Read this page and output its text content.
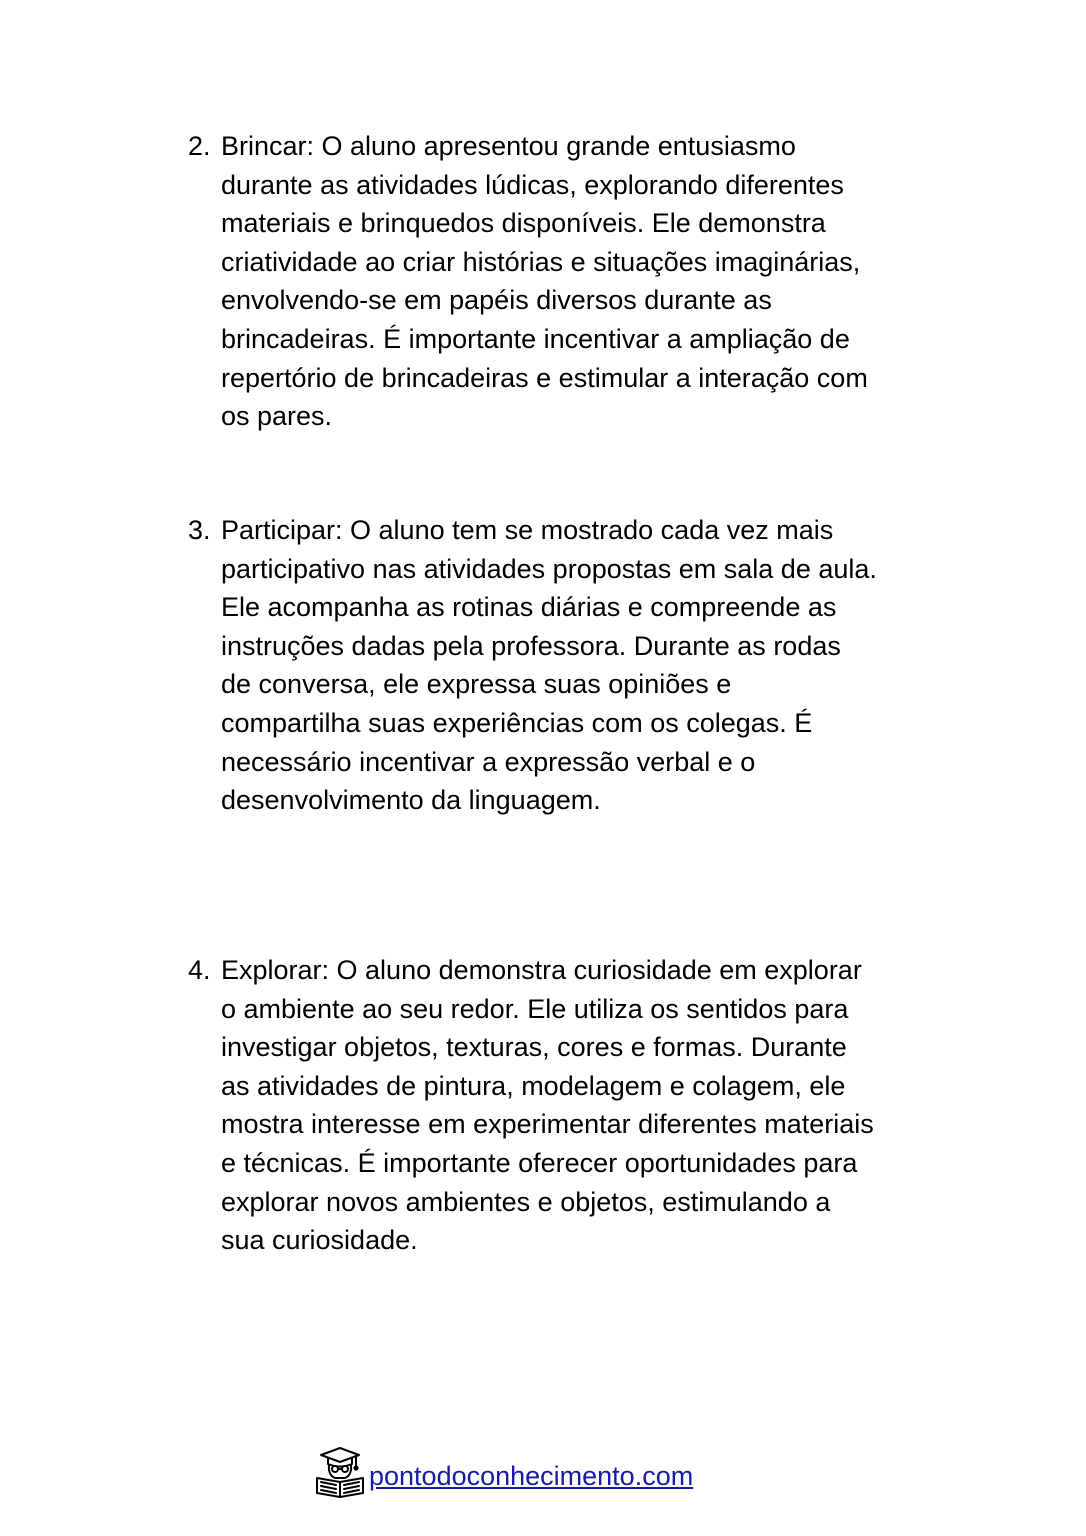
2. Brincar: O aluno apresentou grande entusiasmo
durante as atividades lúdicas, explorando diferentes
materiais e brinquedos disponíveis. Ele demonstra
criatividade ao criar histórias e situações imaginárias,
envolvendo-se em papéis diversos durante as
brincadeiras. É importante incentivar a ampliação de
repertório de brincadeiras e estimular a interação com
os pares.
3. Participar: O aluno tem se mostrado cada vez mais
participativo nas atividades propostas em sala de aula.
Ele acompanha as rotinas diárias e compreende as
instruções dadas pela professora. Durante as rodas
de conversa, ele expressa suas opiniões e
compartilha suas experiências com os colegas. É
necessário incentivar a expressão verbal e o
desenvolvimento da linguagem.
4. Explorar: O aluno demonstra curiosidade em explorar
o ambiente ao seu redor. Ele utiliza os sentidos para
investigar objetos, texturas, cores e formas. Durante
as atividades de pintura, modelagem e colagem, ele
mostra interesse em experimentar diferentes materiais
e técnicas. É importante oferecer oportunidades para
explorar novos ambientes e objetos, estimulando a
sua curiosidade.
pontodoconhecimento.com
